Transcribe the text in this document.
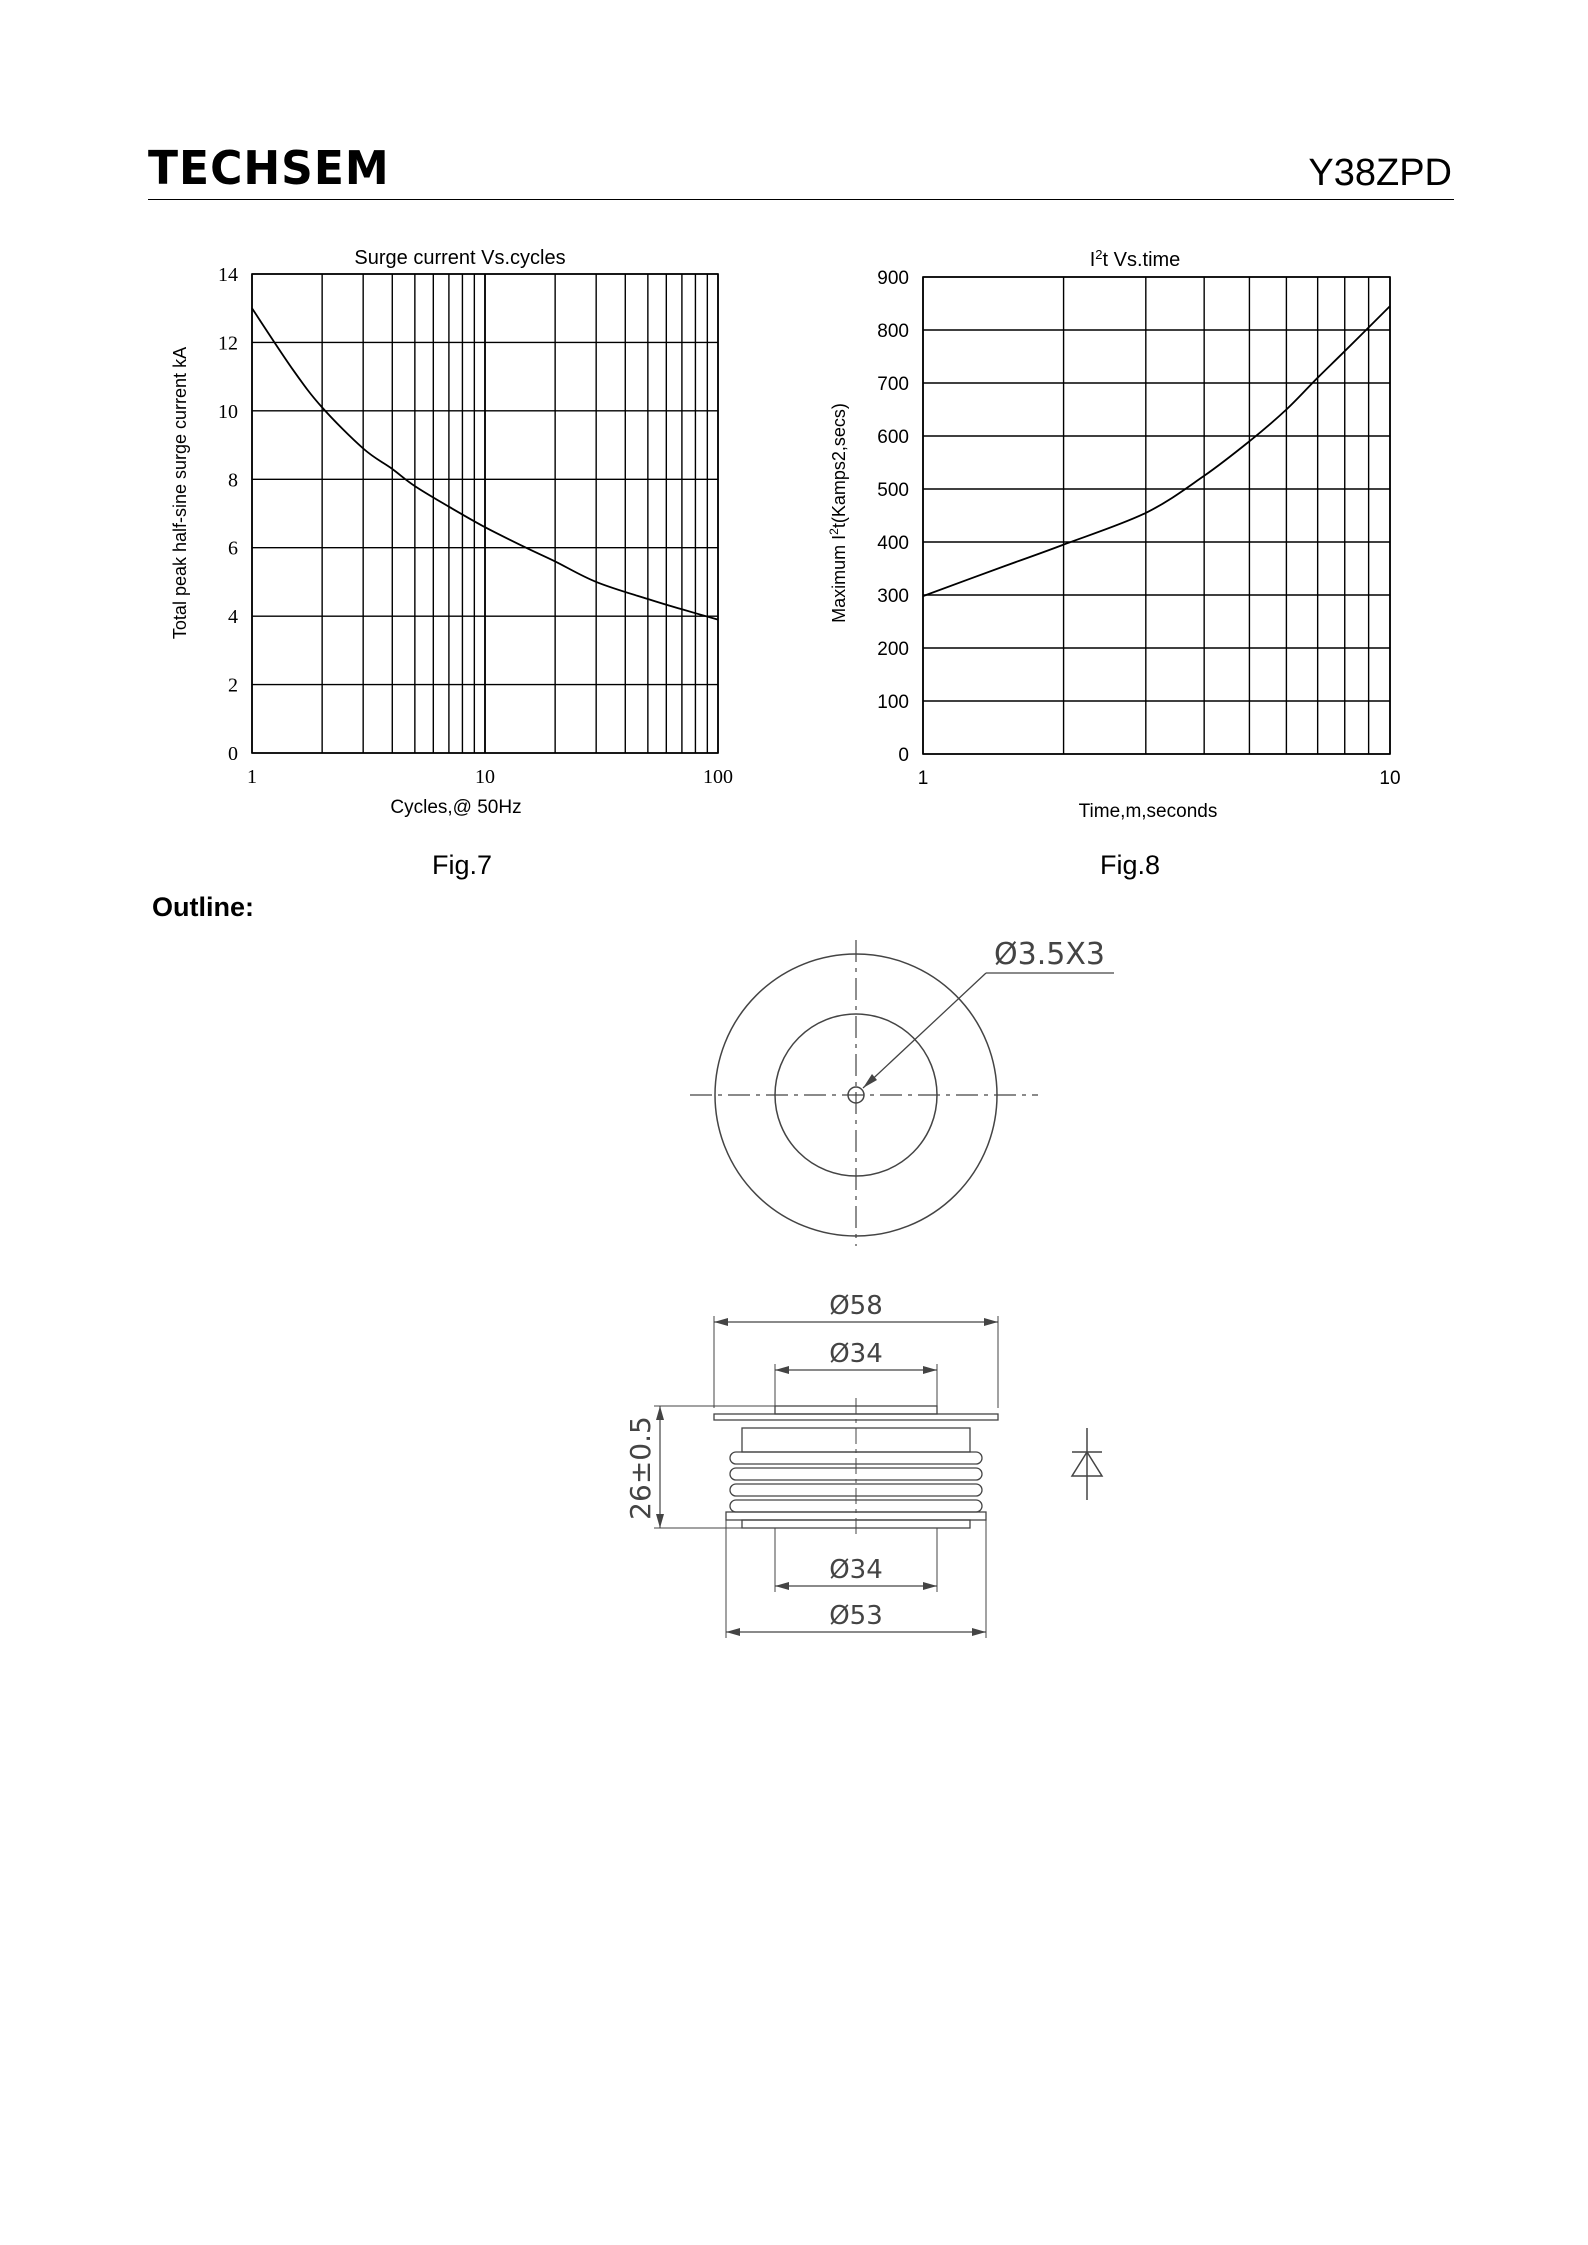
TECHSEM	Y38ZPD
Surge current Vs.cycles
0
2
4
6
8
10
12
14
1	10	100
Total peak half-sine surge current kA
Cycles,@ 50Hz
Fig.7
$I^2t$ Vs.time
0
100
200
300
400
500
600
700
800
900
1	10
Maximum $I^2t(Kamps2,\sec s)$
Time,m,seconds
Fig.8
Outline:
Ø3.5X3
Ø58
Ø34
26±0.5
Ø34
Ø53
